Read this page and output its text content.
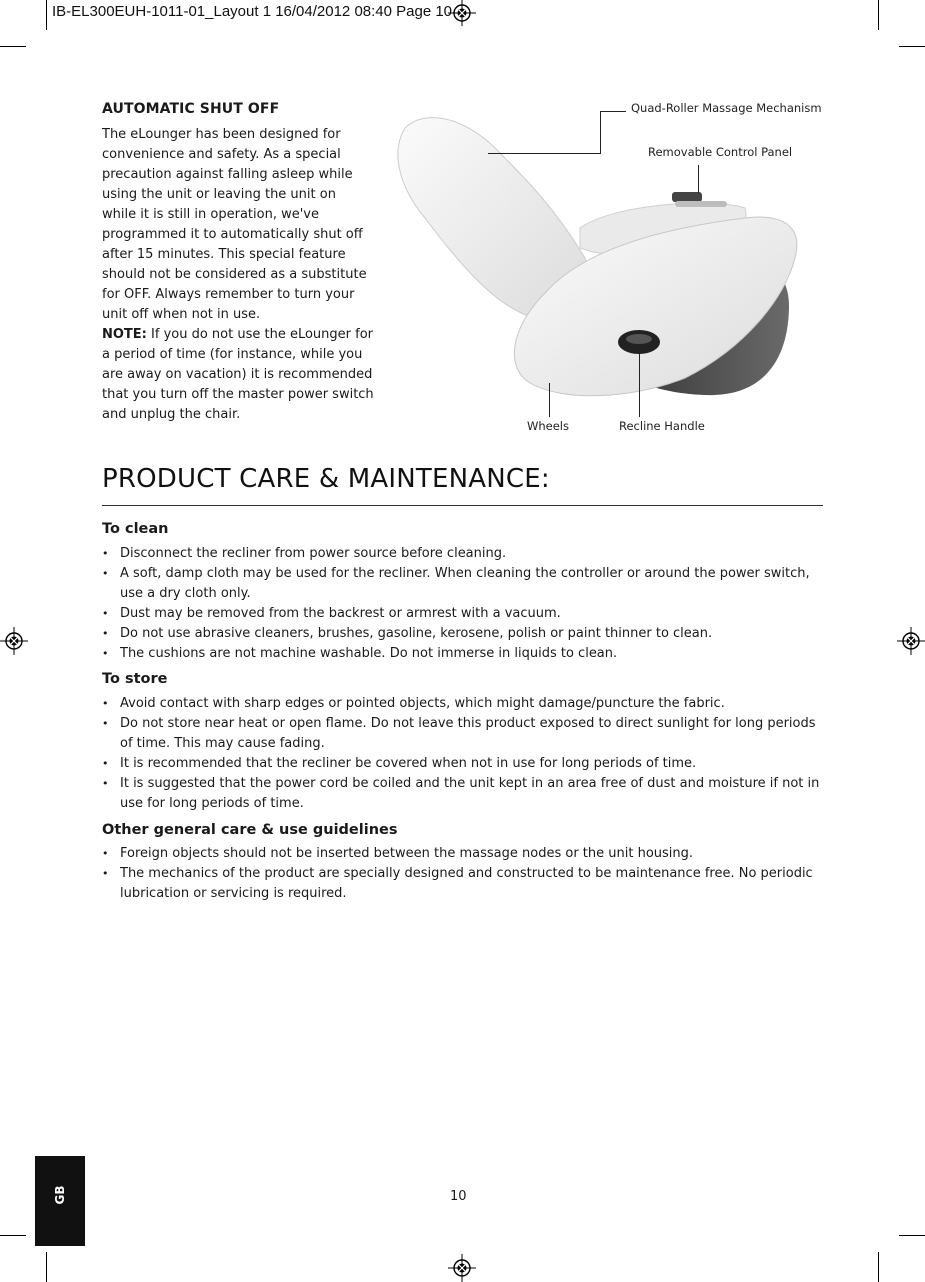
IB-EL300EUH-1011-01_Layout 1 16/04/2012 08:40 Page 10
AUTOMATIC SHUT OFF
The eLounger has been designed for convenience and safety. As a special precaution against falling asleep while using the unit or leaving the unit on while it is still in operation, we've programmed it to automatically shut off after 15 minutes. This special feature should not be considered as a substitute for OFF. Always remember to turn your unit off when not in use.
NOTE: If you do not use the eLounger for a period of time (for instance, while you are away on vacation) it is recommended that you turn off the master power switch and unplug the chair.
Quad-Roller Massage Mechanism
Removable Control Panel
Wheels	Recline Handle
PRODUCT CARE & MAINTENANCE:
To clean
• Disconnect the recliner from power source before cleaning.
• A soft, damp cloth may be used for the recliner. When cleaning the controller or around the power switch, use a dry cloth only.
• Dust may be removed from the backrest or armrest with a vacuum.
• Do not use abrasive cleaners, brushes, gasoline, kerosene, polish or paint thinner to clean.
• The cushions are not machine washable. Do not immerse in liquids to clean.
To store
• Avoid contact with sharp edges or pointed objects, which might damage/puncture the fabric.
• Do not store near heat or open flame. Do not leave this product exposed to direct sunlight for long periods of time. This may cause fading.
• It is recommended that the recliner be covered when not in use for long periods of time.
• It is suggested that the power cord be coiled and the unit kept in an area free of dust and moisture if not in use for long periods of time.
Other general care & use guidelines
• Foreign objects should not be inserted between the massage nodes or the unit housing.
• The mechanics of the product are specially designed and constructed to be maintenance free. No periodic lubrication or servicing is required.
GB	10
